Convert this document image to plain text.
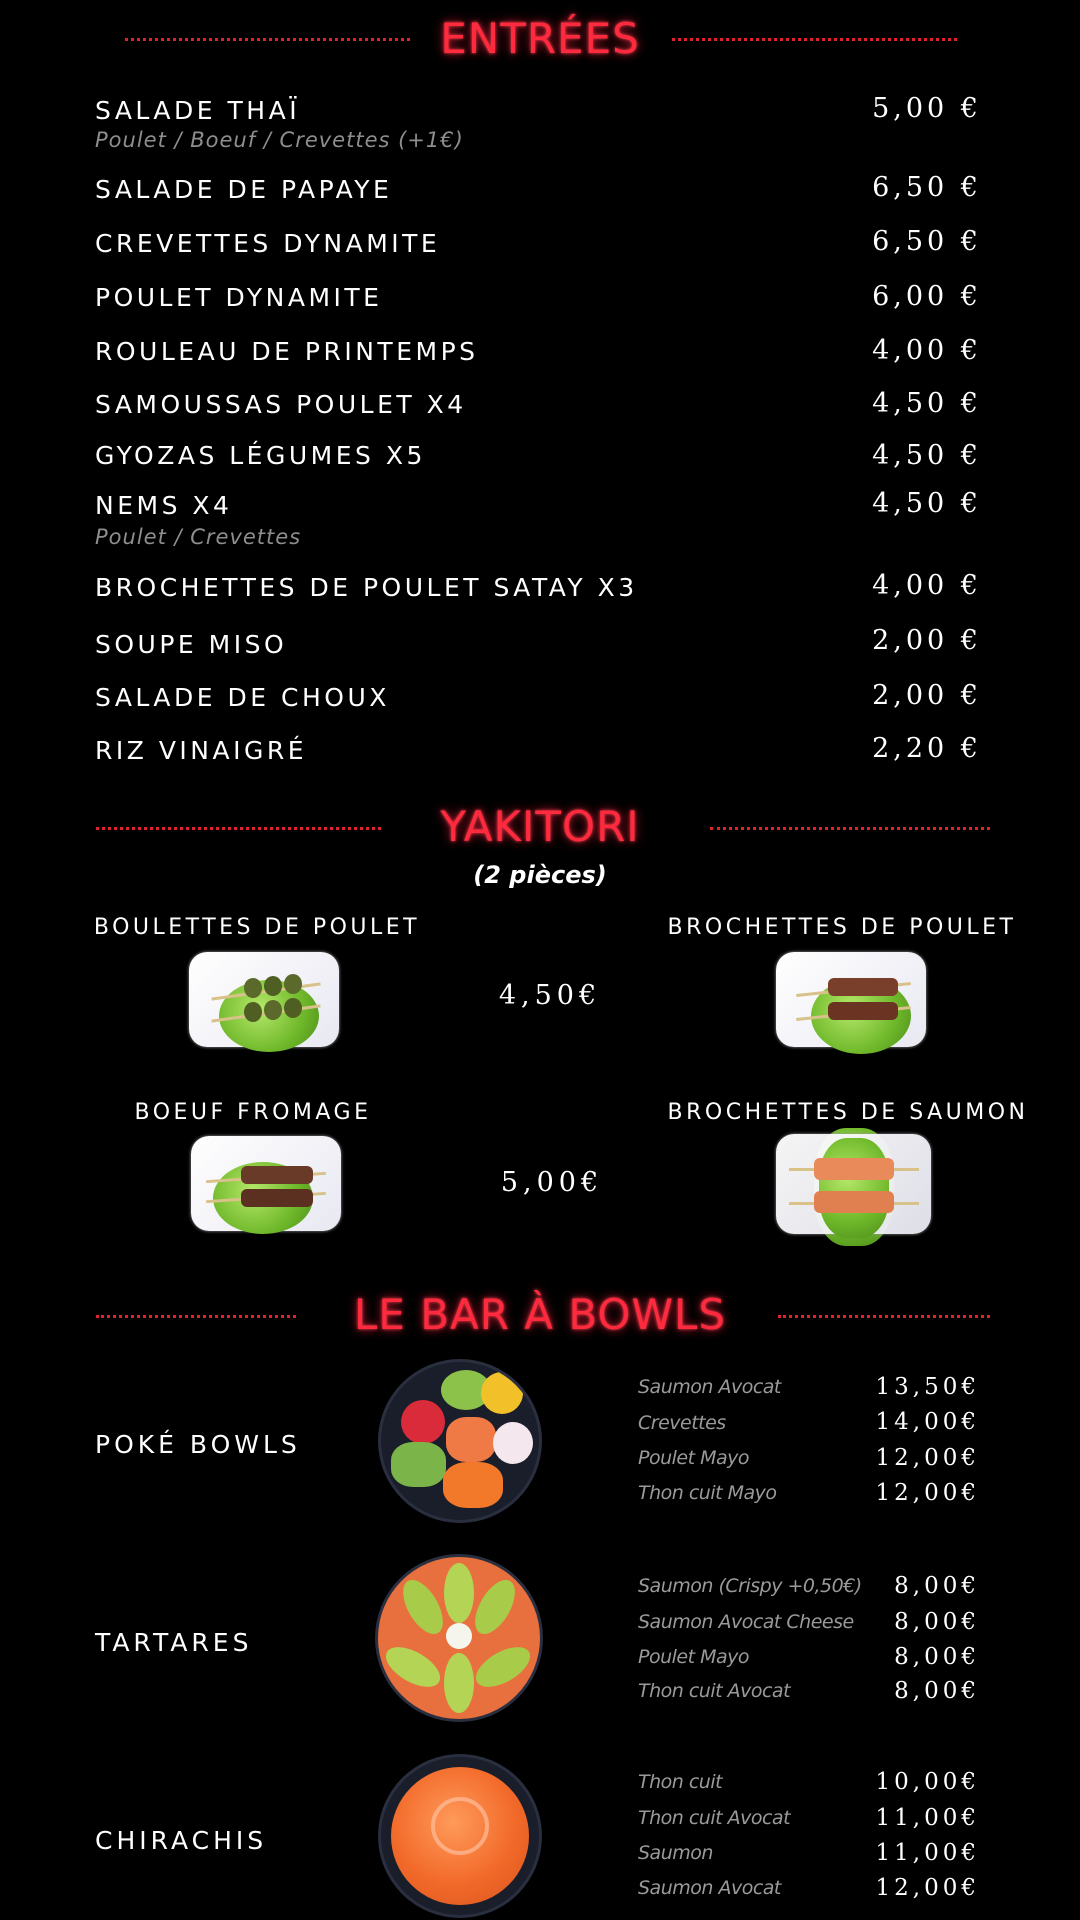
ENTRÉES
SALADE THAÏ
Poulet / Boeuf / Crevettes (+1€)
5,00 €
SALADE DE PAPAYE	6,50 €
CREVETTES DYNAMITE	6,50 €
POULET DYNAMITE	6,00 €
ROULEAU DE PRINTEMPS	4,00 €
SAMOUSSAS POULET X4	4,50 €
GYOZAS LÉGUMES X5	4,50 €
NEMS X4
Poulet / Crevettes
4,50 €
BROCHETTES DE POULET SATAY X3	4,00 €
SOUPE MISO	2,00 €
SALADE DE CHOUX	2,00 €
RIZ VINAIGRÉ	2,20 €
YAKITORI
(2 pièces)
BOULETTES DE POULET	BROCHETTES DE POULET
4,50€
BOEUF FROMAGE	BROCHETTES DE SAUMON
5,00€
LE BAR À BOWLS
POKÉ BOWLS
Saumon Avocat	13,50€
Crevettes	14,00€
Poulet Mayo	12,00€
Thon cuit Mayo	12,00€
TARTARES
Saumon (Crispy +0,50€) 8,00€
Saumon Avocat Cheese 8,00€
Poulet Mayo	8,00€
Thon cuit Avocat	8,00€
CHIRACHIS
Thon cuit	10,00€
Thon cuit Avocat	11,00€
Saumon	11,00€
Saumon Avocat	12,00€
